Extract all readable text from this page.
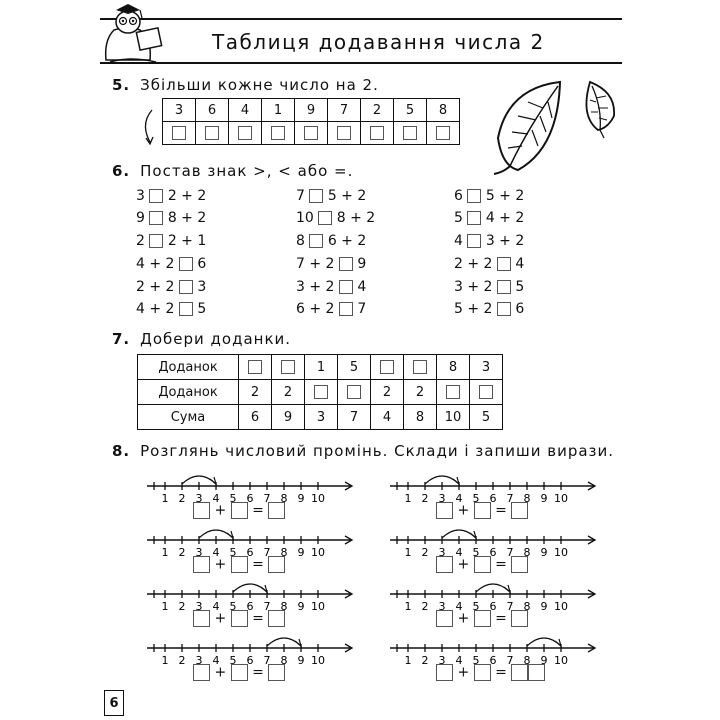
Таблиця додавання числа 2
5. Збільши кожне число на 2.
3	6	4	1	9	7	2	5	8

6. Постав знак >, < або =.
3 2 + 2
9 8 + 2
2 2 + 1
4 + 2 6
2 + 2 3
4 + 2 5
7 5 + 2
10 8 + 2
8 6 + 2
7 + 2 9
3 + 2 4
6 + 2 7
6 5 + 2
5 4 + 2
4 3 + 2
2 + 2 4
3 + 2 5
5 + 2 6
7. Добери доданки.
Доданок			1	5			8	3
Доданок	2	2			2	2		
Сума	6	9	3	7	4	8	10	5
8. Розглянь числовий промінь. Склади і запиши вирази.
1 2 3 4 5 6 7 8 9 10
+ =
1 2 3 4 5 6 7 8 9 10
+ =
1 2 3 4 5 6 7 8 9 10
+ =
1 2 3 4 5 6 7 8 9 10
+ =
1 2 3 4 5 6 7 8 9 10
+ =
1 2 3 4 5 6 7 8 9 10
+ =
1 2 3 4 5 6 7 8 9 10
+ =
1 2 3 4 5 6 7 8 9 10
+ =
6
